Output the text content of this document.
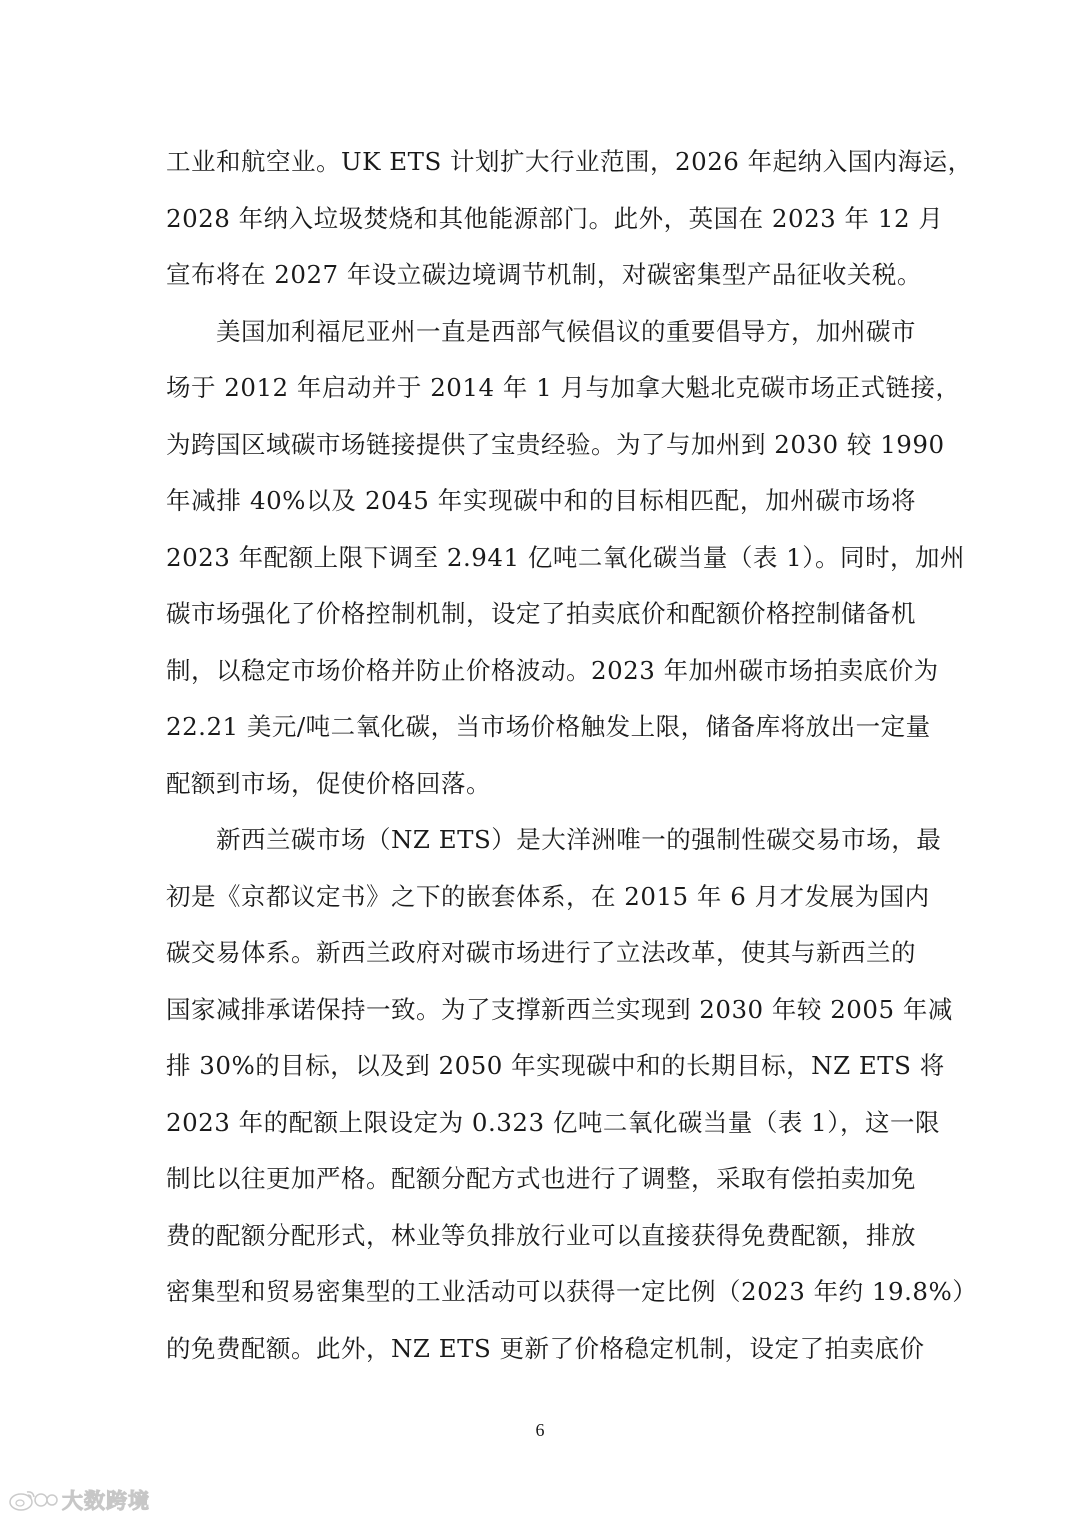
工业和航空业。UK ETS 计划扩大行业范围，2026 年起纳入国内海运，
2028 年纳入垃圾焚烧和其他能源部门。此外，英国在 2023 年 12 月
宣布将在 2027 年设立碳边境调节机制，对碳密集型产品征收关税。
美国加利福尼亚州一直是西部气候倡议的重要倡导方，加州碳市
场于 2012 年启动并于 2014 年 1 月与加拿大魁北克碳市场正式链接，
为跨国区域碳市场链接提供了宝贵经验。为了与加州到 2030 较 1990
年减排 40%以及 2045 年实现碳中和的目标相匹配，加州碳市场将
2023 年配额上限下调至 2.941 亿吨二氧化碳当量（表 1）。同时，加州
碳市场强化了价格控制机制，设定了拍卖底价和配额价格控制储备机
制，以稳定市场价格并防止价格波动。2023 年加州碳市场拍卖底价为
22.21 美元/吨二氧化碳，当市场价格触发上限，储备库将放出一定量
配额到市场，促使价格回落。
新西兰碳市场（NZ ETS）是大洋洲唯一的强制性碳交易市场，最
初是《京都议定书》之下的嵌套体系，在 2015 年 6 月才发展为国内
碳交易体系。新西兰政府对碳市场进行了立法改革，使其与新西兰的
国家减排承诺保持一致。为了支撑新西兰实现到 2030 年较 2005 年减
排 30%的目标，以及到 2050 年实现碳中和的长期目标，NZ ETS 将
2023 年的配额上限设定为 0.323 亿吨二氧化碳当量（表 1），这一限
制比以往更加严格。配额分配方式也进行了调整，采取有偿拍卖加免
费的配额分配形式，林业等负排放行业可以直接获得免费配额，排放
密集型和贸易密集型的工业活动可以获得一定比例（2023 年约 19.8%）
的免费配额。此外，NZ ETS 更新了价格稳定机制，设定了拍卖底价
6
大数跨境
